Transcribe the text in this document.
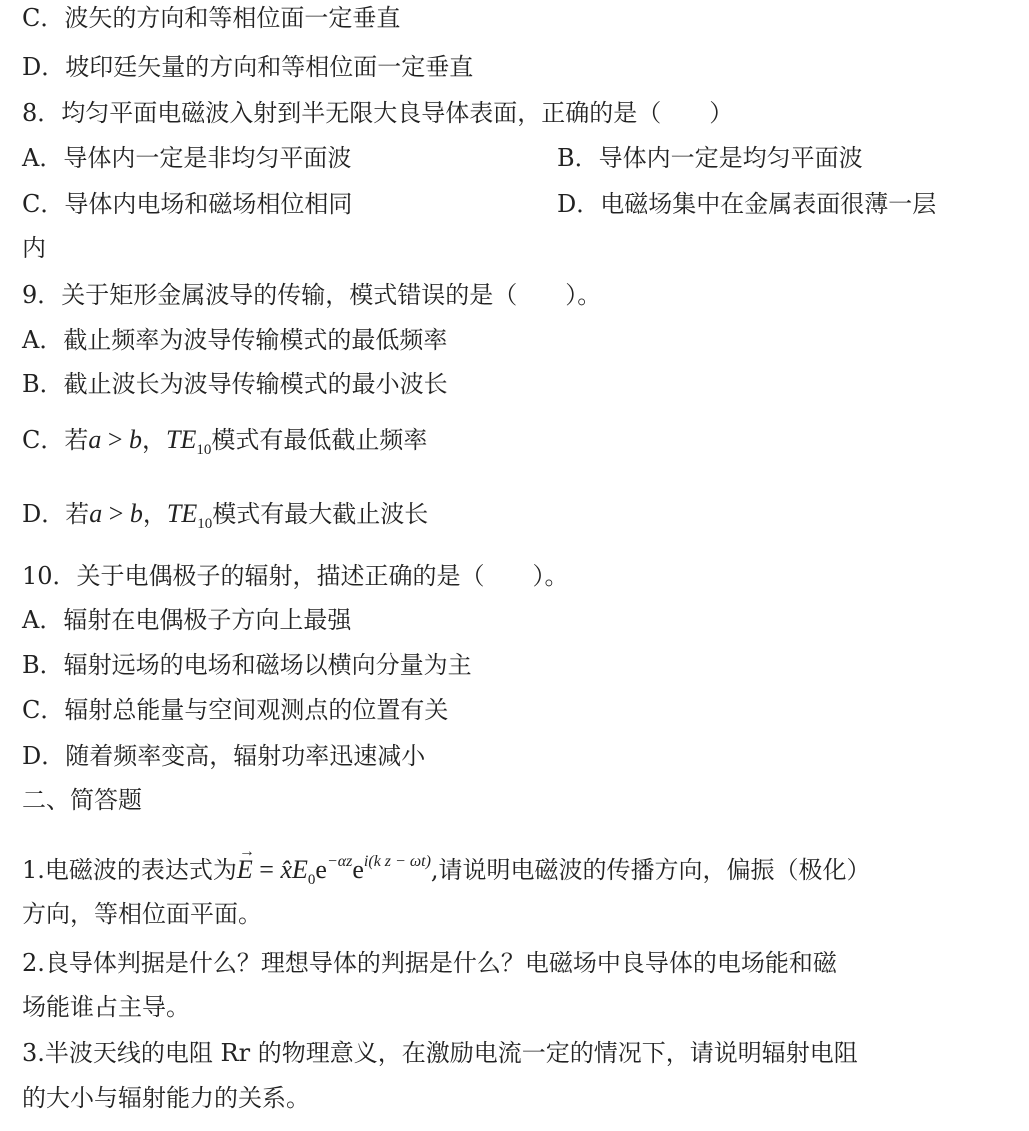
C．波矢的方向和等相位面一定垂直
D．坡印廷矢量的方向和等相位面一定垂直
8．均匀平面电磁波入射到半无限大良导体表面，正确的是（　　）
A．导体内一定是非均匀平面波	B．导体内一定是均匀平面波
C．导体内电场和磁场相位相同	D．电磁场集中在金属表面很薄一层
内
9．关于矩形金属波导的传输，模式错误的是（　　）。
A．截止频率为波导传输模式的最低频率
B．截止波长为波导传输模式的最小波长
C．若a > b，$TE_{10}$模式有最低截止频率
D．若a > b，$TE_{10}$模式有最大截止波长
10．关于电偶极子的辐射，描述正确的是（　　）。
A．辐射在电偶极子方向上最强
B．辐射远场的电场和磁场以横向分量为主
C．辐射总能量与空间观测点的位置有关
D．随着频率变高，辐射功率迅速减小
二、简答题
1.电磁波的表达式为→ $E = x̂E_0e^{-\alpha z}e^{i(k z - \omega t)}$,请说明电磁波的传播方向，偏振（极化）
方向，等相位面平面。
2.良导体判据是什么？理想导体的判据是什么？电磁场中良导体的电场能和磁
场能谁占主导。
3.半波天线的电阻 Rr 的物理意义，在激励电流一定的情况下，请说明辐射电阻
的大小与辐射能力的关系。
